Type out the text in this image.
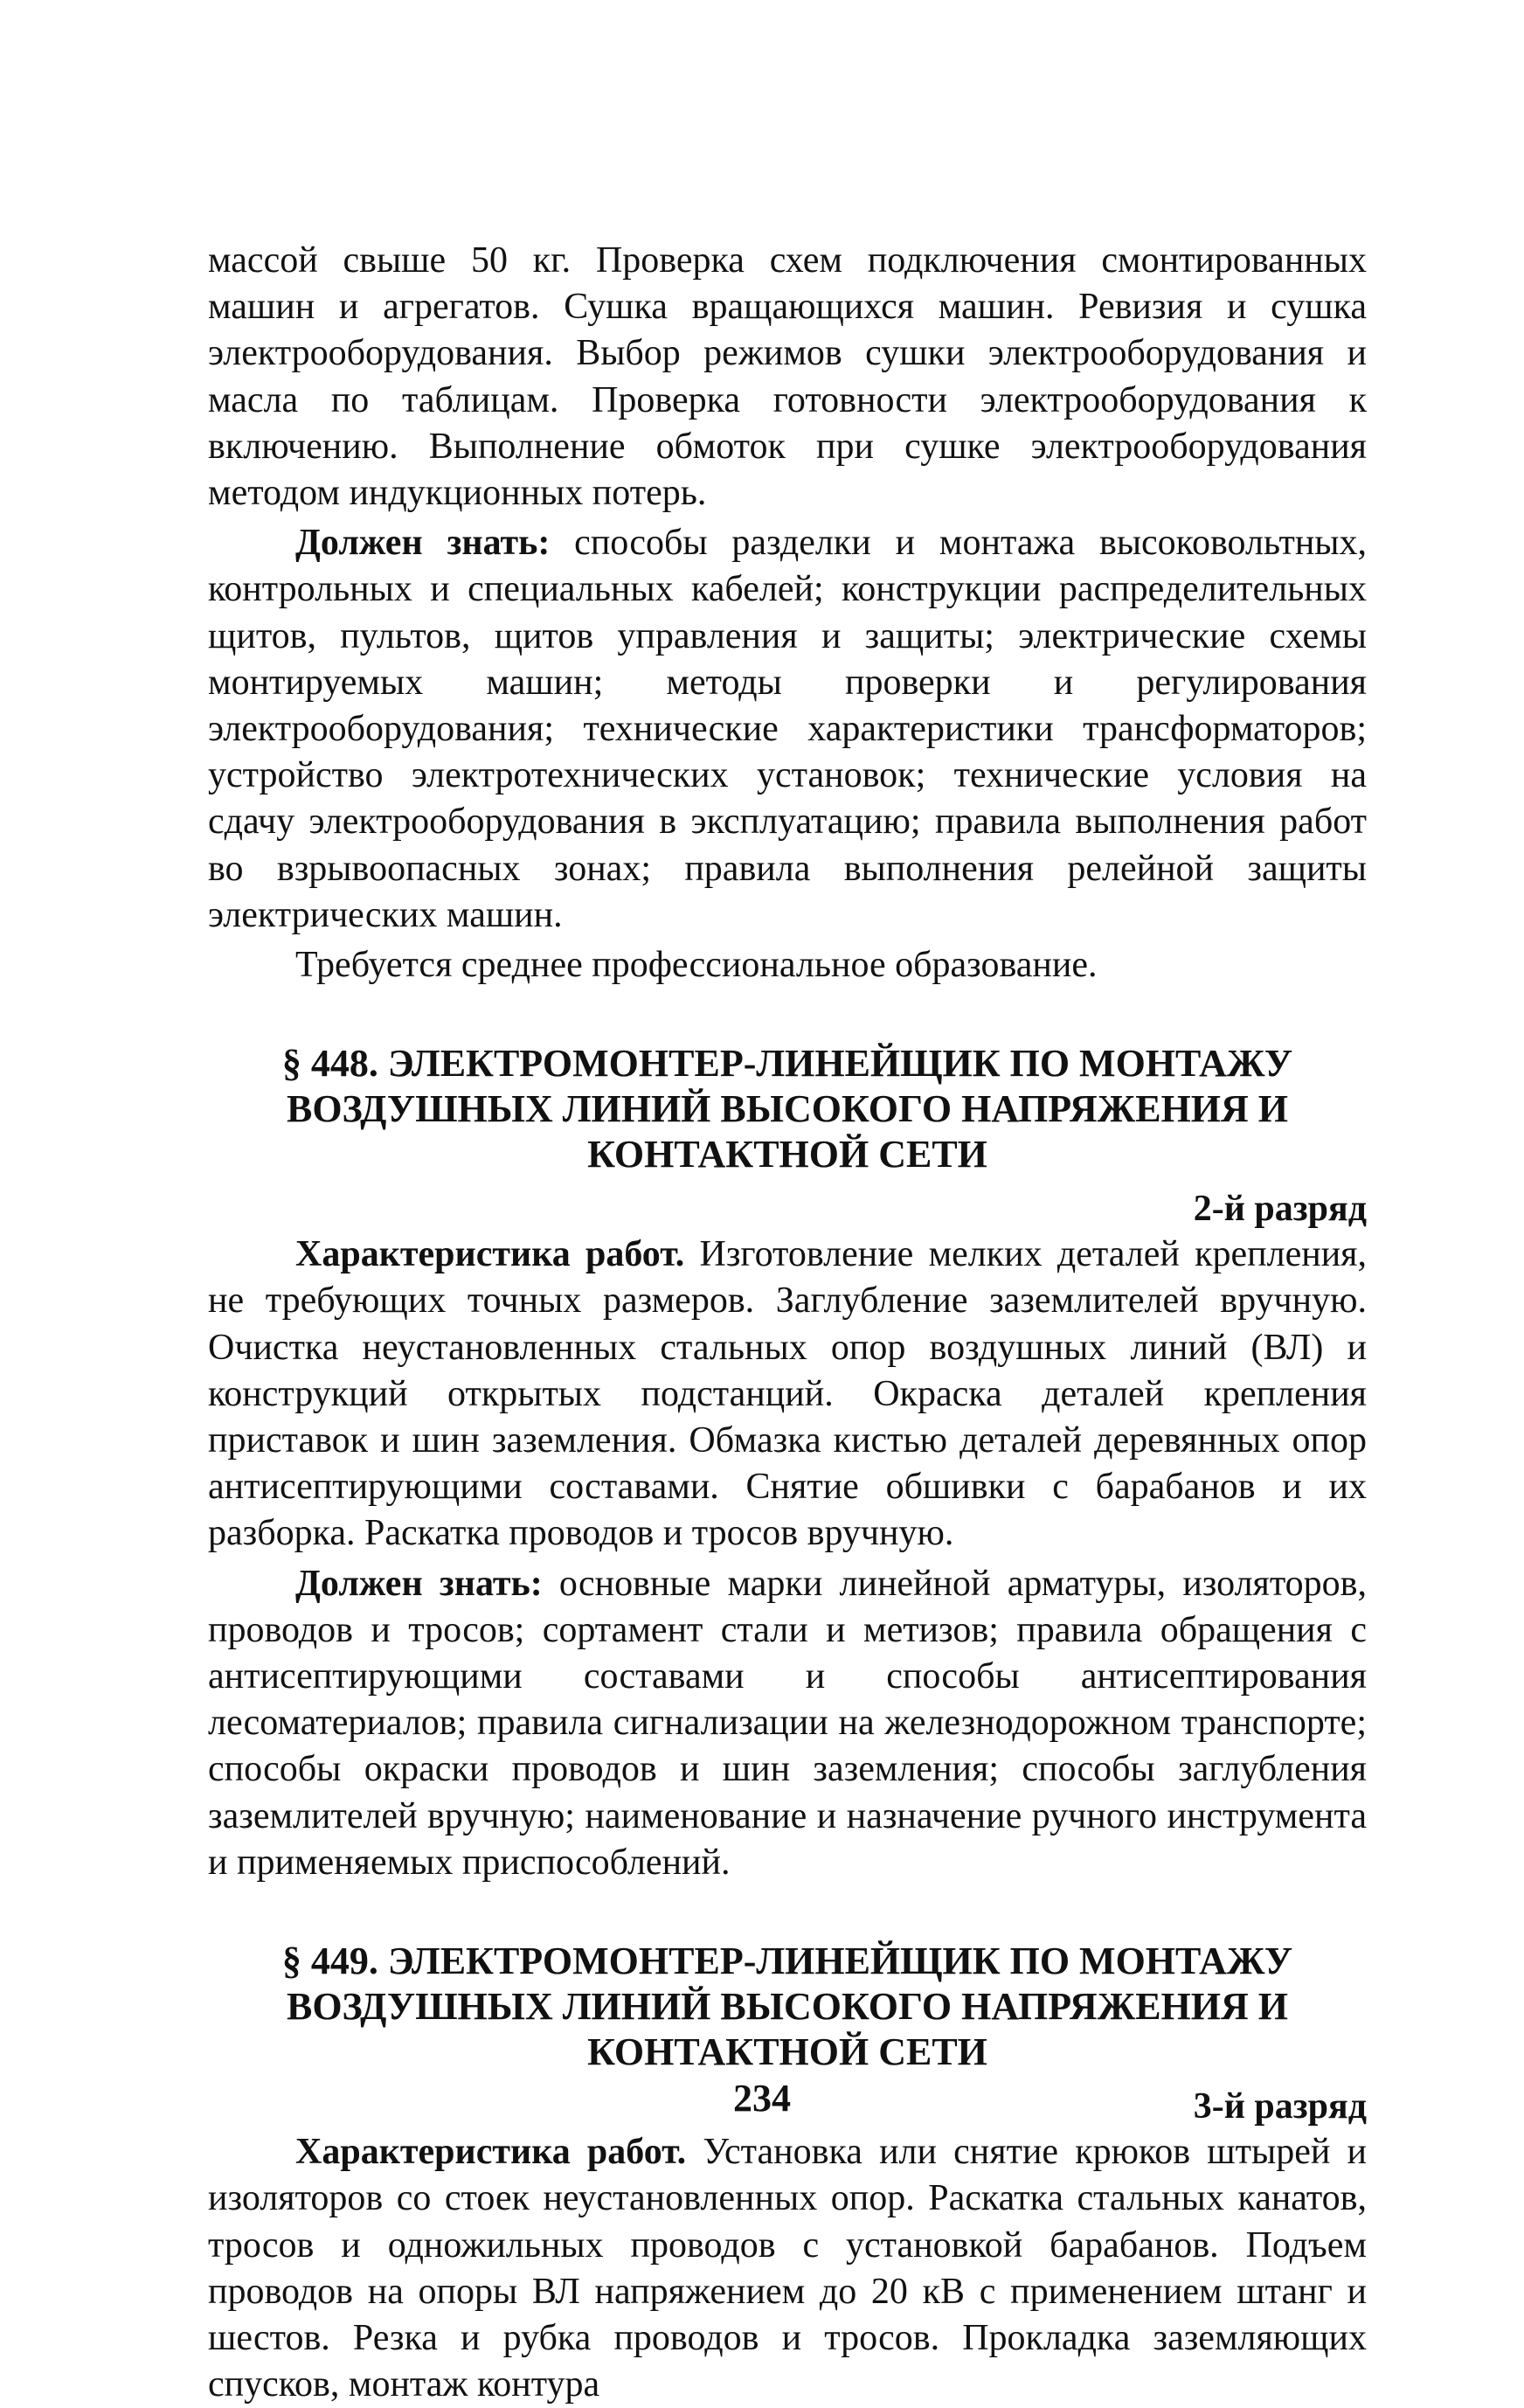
массой свыше 50 кг. Проверка схем подключения смонтированных машин и агрегатов. Сушка вращающихся машин. Ревизия и сушка электрооборудования. Выбор режимов сушки электрооборудования и масла по таблицам. Проверка готовности электрооборудования к включению. Выполнение обмоток при сушке электрооборудования методом индукционных потерь.

Должен знать: способы разделки и монтажа высоковольтных, контрольных и специальных кабелей; конструкции распределительных щитов, пультов, щитов управления и защиты; электрические схемы монтируемых машин; методы проверки и регулирования электрооборудования; технические характеристики трансформаторов; устройство электротехнических установок; технические условия на сдачу электрооборудования в эксплуатацию; правила выполнения работ во взрывоопасных зонах; правила выполнения релейной защиты электрических машин.

Требуется среднее профессиональное образование.

§ 448. ЭЛЕКТРОМОНТЕР-ЛИНЕЙЩИК ПО МОНТАЖУ
ВОЗДУШНЫХ ЛИНИЙ ВЫСОКОГО НАПРЯЖЕНИЯ И
КОНТАКТНОЙ СЕТИ
2-й разряд

Характеристика работ. Изготовление мелких деталей крепления, не требующих точных размеров. Заглубление заземлителей вручную. Очистка неустановленных стальных опор воздушных линий (ВЛ) и конструкций открытых подстанций. Окраска деталей крепления приставок и шин заземления. Обмазка кистью деталей деревянных опор антисептирующими составами. Снятие обшивки с барабанов и их разборка. Раскатка проводов и тросов вручную.

Должен знать: основные марки линейной арматуры, изоляторов, проводов и тросов; сортамент стали и метизов; правила обращения с антисептирующими составами и способы антисептирования лесоматериалов; правила сигнализации на железнодорожном транспорте; способы окраски проводов и шин заземления; способы заглубления заземлителей вручную; наименование и назначение ручного инструмента и применяемых приспособлений.

§ 449. ЭЛЕКТРОМОНТЕР-ЛИНЕЙЩИК ПО МОНТАЖУ
ВОЗДУШНЫХ ЛИНИЙ ВЫСОКОГО НАПРЯЖЕНИЯ И
КОНТАКТНОЙ СЕТИ
3-й разряд

Характеристика работ. Установка или снятие крюков штырей и изоляторов со стоек неустановленных опор. Раскатка стальных канатов, тросов и одножильных проводов с установкой барабанов. Подъем проводов на опоры ВЛ напряжением до 20 кВ с применением штанг и шестов. Резка и рубка проводов и тросов. Прокладка заземляющих спусков, монтаж контура

234
